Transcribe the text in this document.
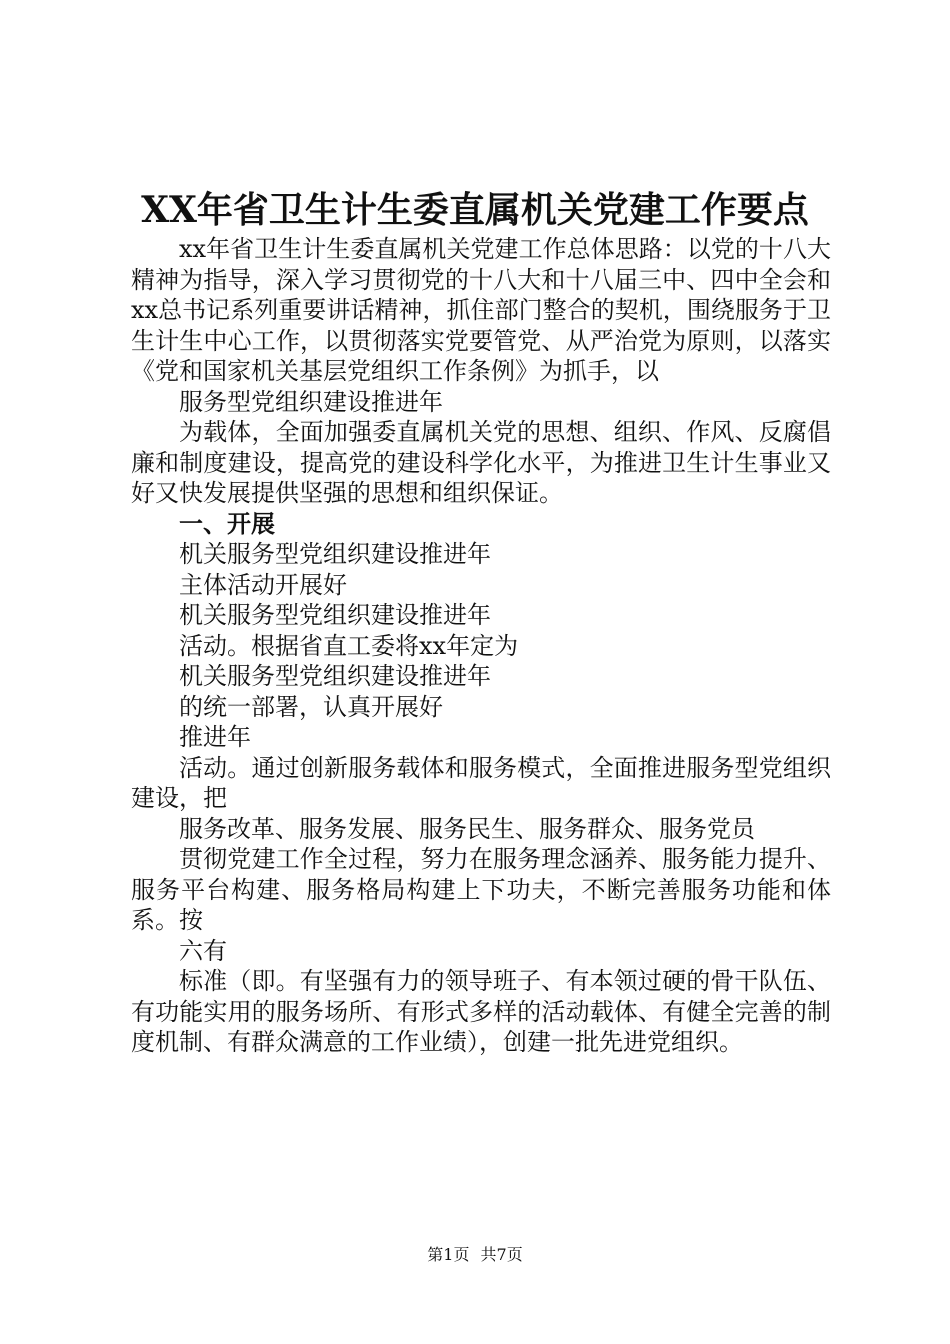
XX年省卫生计生委直属机关党建工作要点

xx年省卫生计生委直属机关党建工作总体思路：以党的十八大精神为指导，深入学习贯彻党的十八大和十八届三中、四中全会和xx总书记系列重要讲话精神，抓住部门整合的契机，围绕服务于卫生计生中心工作，以贯彻落实党要管党、从严治党为原则，以落实《党和国家机关基层党组织工作条例》为抓手，以

服务型党组织建设推进年

为载体，全面加强委直属机关党的思想、组织、作风、反腐倡廉和制度建设，提高党的建设科学化水平，为推进卫生计生事业又好又快发展提供坚强的思想和组织保证。

一、开展

机关服务型党组织建设推进年

主体活动开展好

机关服务型党组织建设推进年

活动。根据省直工委将xx年定为

机关服务型党组织建设推进年

的统一部署，认真开展好

推进年

活动。通过创新服务载体和服务模式，全面推进服务型党组织建设，把

服务改革、服务发展、服务民生、服务群众、服务党员

贯彻党建工作全过程，努力在服务理念涵养、服务能力提升、服务平台构建、服务格局构建上下功夫，不断完善服务功能和体系。按

六有

标准（即。有坚强有力的领导班子、有本领过硬的骨干队伍、有功能实用的服务场所、有形式多样的活动载体、有健全完善的制度机制、有群众满意的工作业绩），创建一批先进党组织。

第1页 共7页
